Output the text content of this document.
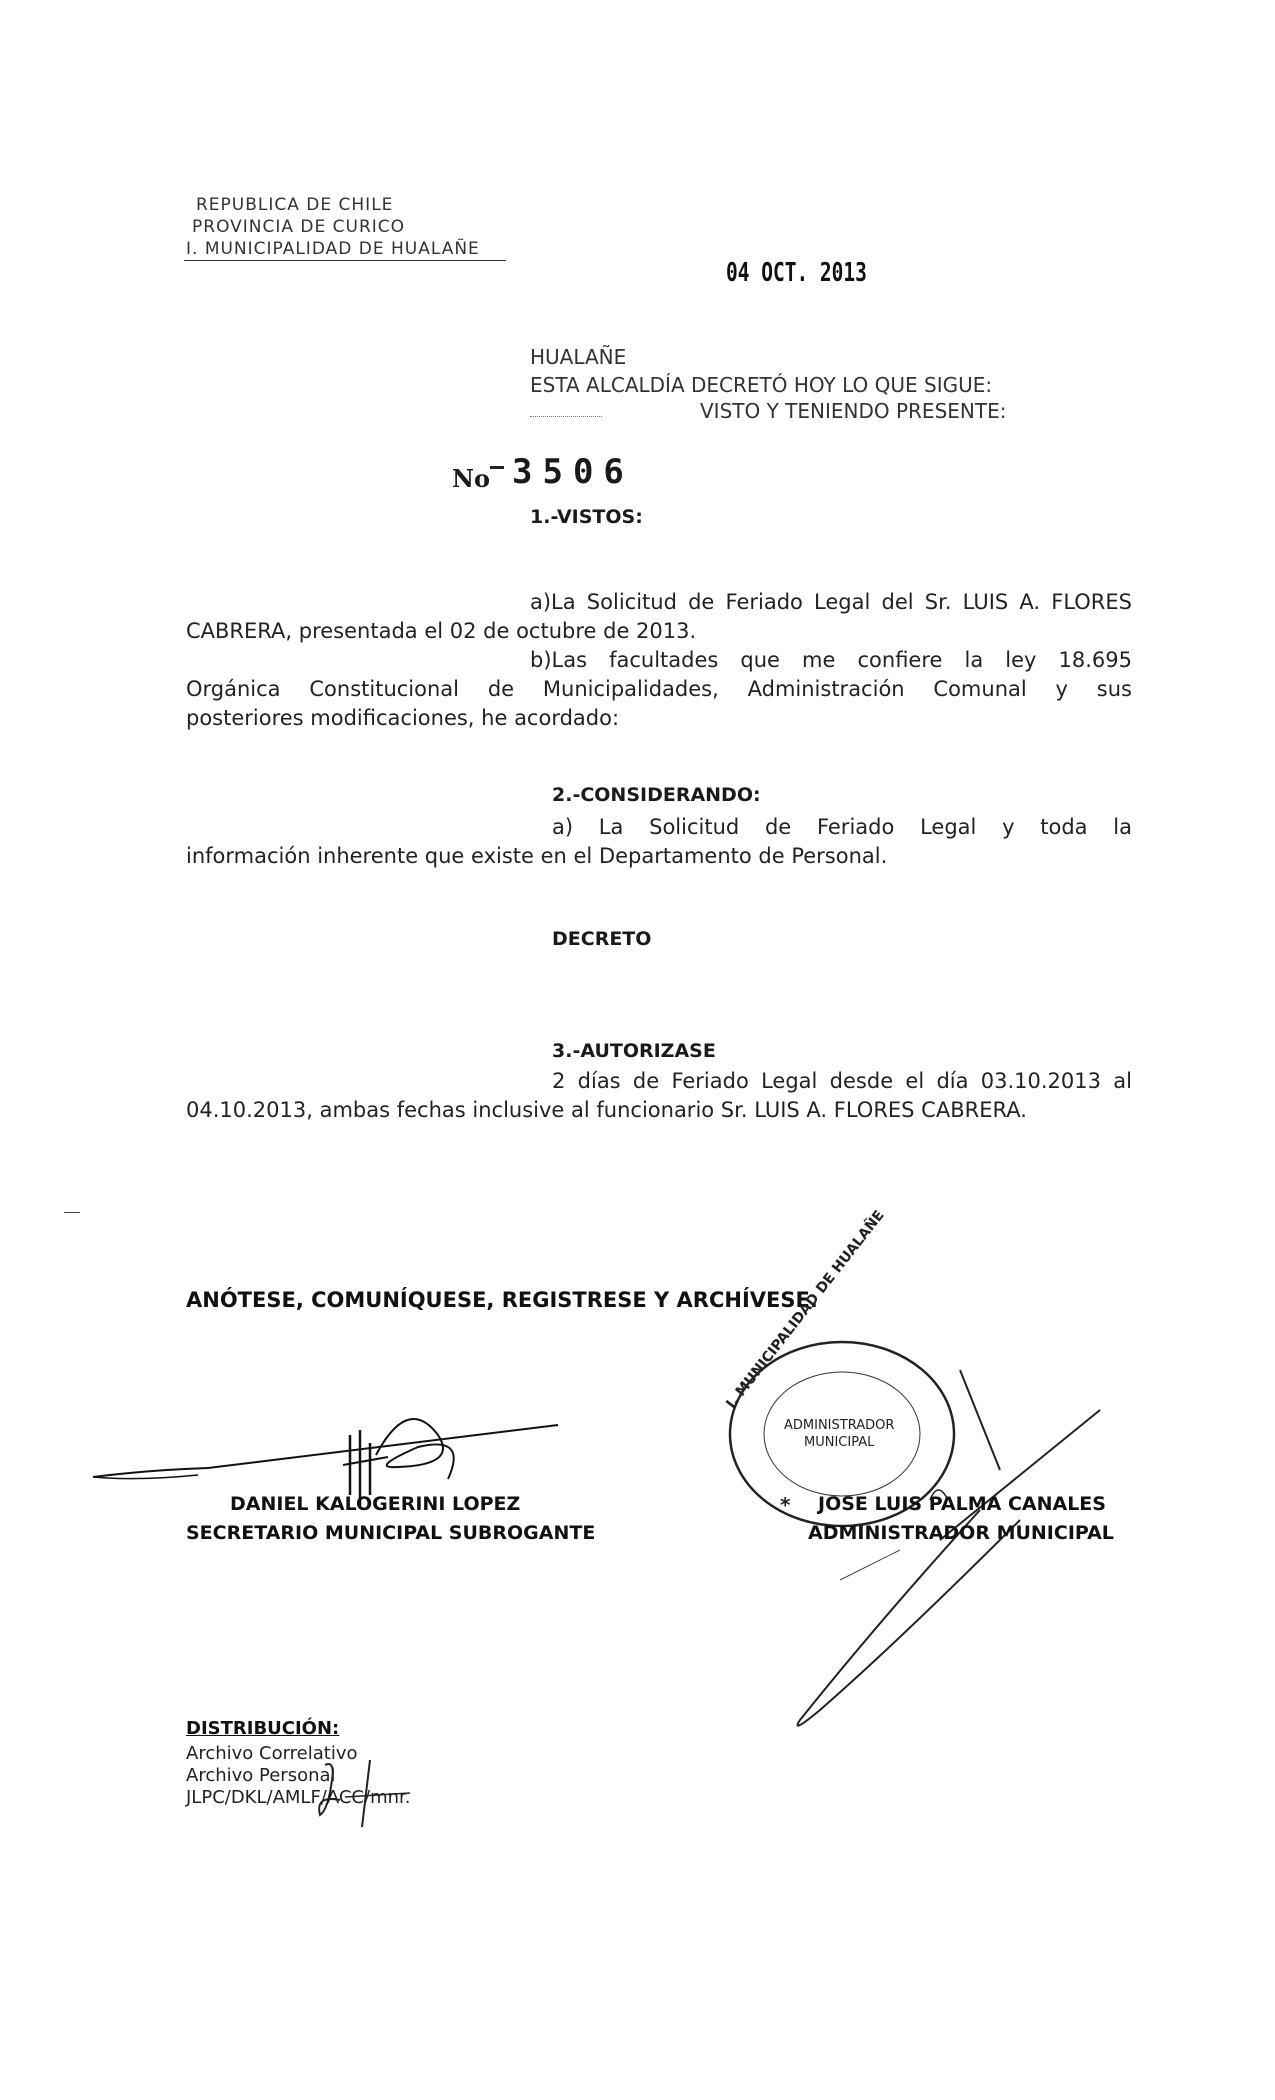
REPUBLICA DE CHILE
PROVINCIA DE CURICO
I. MUNICIPALIDAD DE HUALAÑE
04 OCT. 2013
HUALAÑE
ESTA ALCALDÍA DECRETÓ HOY LO QUE SIGUE:
VISTO Y TENIENDO PRESENTE:
No 3506
1.-VISTOS:
a)La Solicitud de Feriado Legal del Sr. LUIS A. FLORES
CABRERA, presentada el 02 de octubre de 2013.
b)Las facultades que me confiere la ley 18.695
Orgánica Constitucional de Municipalidades, Administración Comunal y sus
posteriores modificaciones, he acordado:
2.-CONSIDERANDO:
a) La Solicitud de Feriado Legal y toda la
información inherente que existe en el Departamento de Personal.
DECRETO
3.-AUTORIZASE
2 días de Feriado Legal desde el día 03.10.2013 al
04.10.2013, ambas fechas inclusive al funcionario Sr. LUIS A. FLORES CABRERA.
ANÓTESE, COMUNÍQUESE, REGISTRESE Y ARCHÍVESE.
DANIEL KALOGERINI LOPEZ
SECRETARIO MUNICIPAL SUBROGANTE
ADMINISTRADOR
MUNICIPAL
*
I. MUNICIPALIDAD DE HUALAÑE
JOSE LUIS PALMA CANALES
ADMINISTRADOR MUNICIPAL
DISTRIBUCIÓN:
Archivo Correlativo
Archivo Personal
JLPC/DKL/AMLF/ACC/mnr.
